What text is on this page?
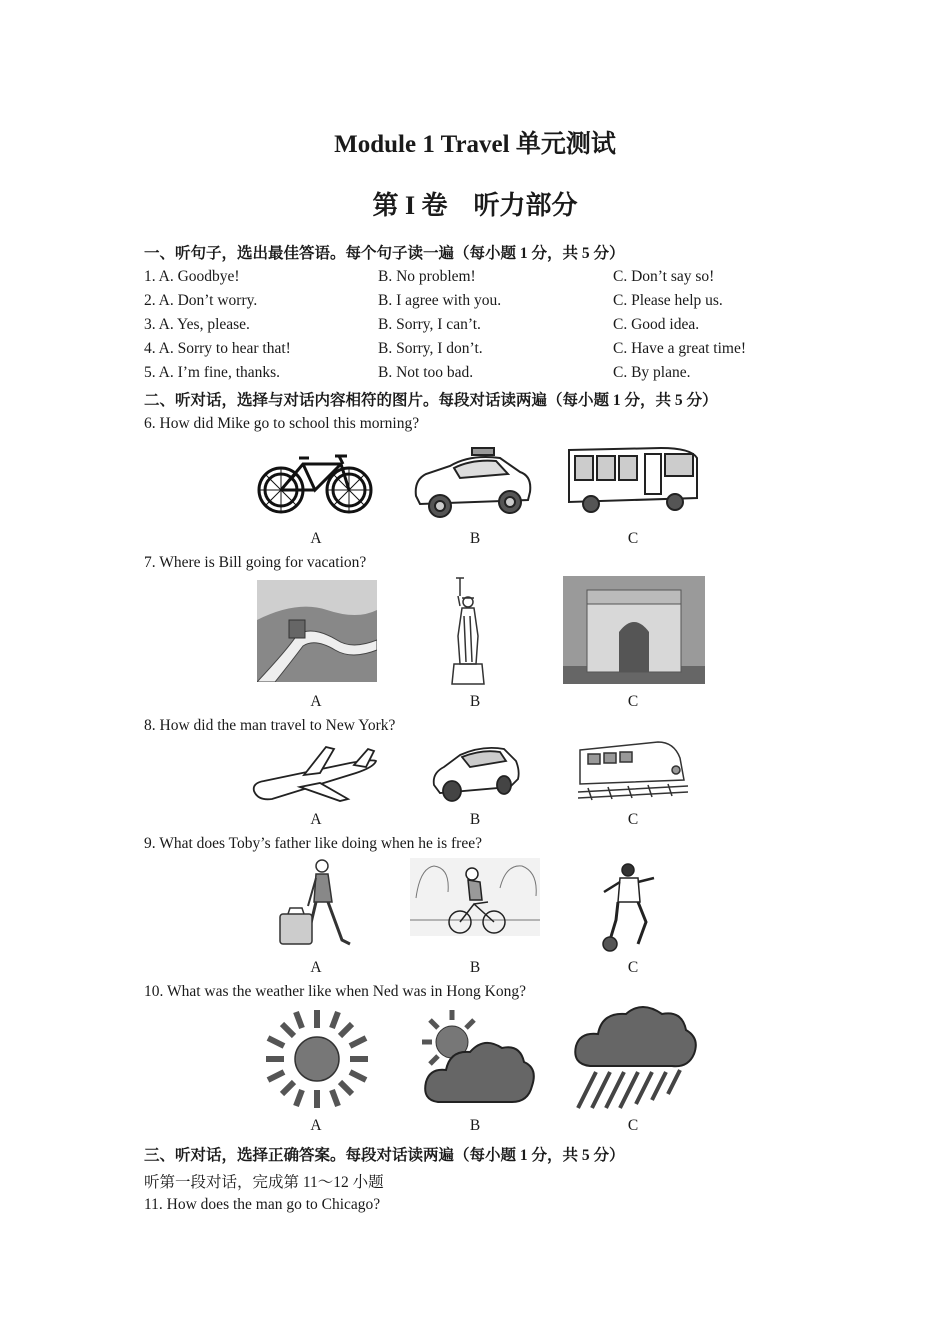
Module 1 Travel 单元测试
第 I 卷　听力部分
一、听句子，选出最佳答语。每个句子读一遍（每小题 1 分，共 5 分）
1. A. Goodbye!	B. No problem!	C. Don’t say so!
2. A. Don’t worry.	B. I agree with you.	C. Please help us.
3. A. Yes, please.	B. Sorry, I can’t.	C. Good idea.
4. A. Sorry to hear that!	B. Sorry, I don’t.	C. Have a great time!
5. A. I’m fine, thanks.	B. Not too bad.	C. By plane.
二、听对话，选择与对话内容相符的图片。每段对话读两遍（每小题 1 分，共 5 分）
6. How did Mike go to school this morning?
A	B	C
7. Where is Bill going for vacation?
A	B	C
8. How did the man travel to New York?
A	B	C
9. What does Toby’s father like doing when he is free?
A	B	C
10. What was the weather like when Ned was in Hong Kong?
A	B	C
三、听对话，选择正确答案。每段对话读两遍（每小题 1 分，共 5 分）
听第一段对话，完成第 11～12 小题
11. How does the man go to Chicago?
